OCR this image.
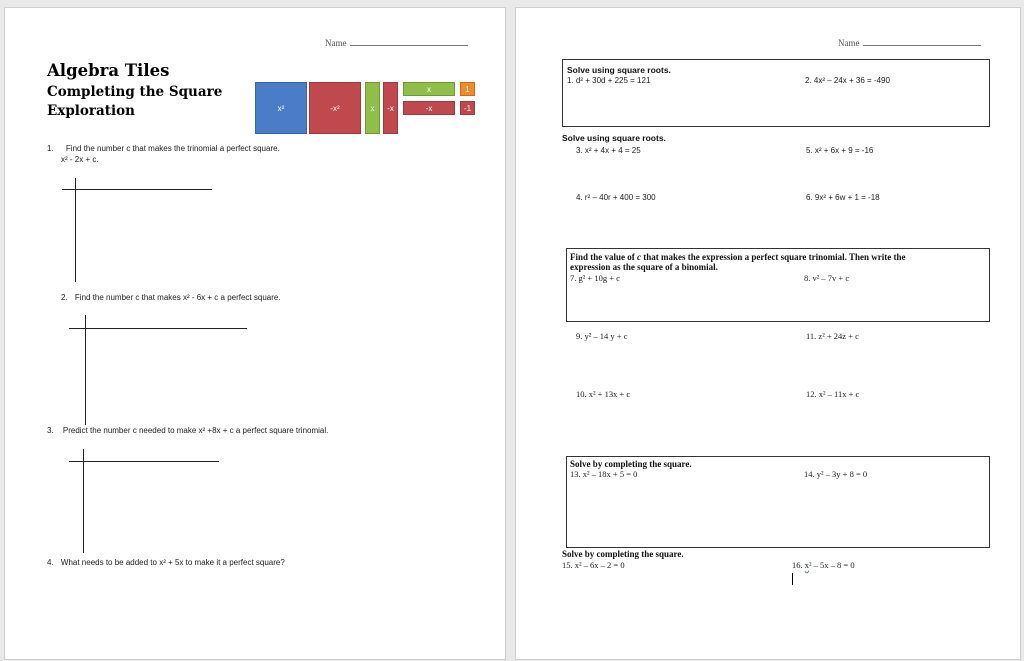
Name
Algebra Tiles
Completing the Square
Exploration	x²	-x²	x	-x
x
-x
1
-1
1. Find the number c that makes the trinomial a perfect square.
x² - 2x + c.
2. Find the number c that makes x² - 6x + c a perfect square.
3. Predict the number c needed to make x² +8x + c a perfect square trinomial.
4. What needs to be added to x² + 5x to make it a perfect square?
Name
Solve using square roots.
1. d² + 30d + 225 = 121	2. 4x² – 24x + 36 = -490
Solve using square roots.
3. x² + 4x + 4 = 25	5. x² + 6x + 9 = -16
4. r² – 40r + 400 = 300	6. 9x² + 6w + 1 = -18
Find the value of c that makes the expression a perfect square trinomial. Then write the
expression as the square of a binomial.
7. g² + 10g + c	8. v² – 7v + c
9. y² – 14 y + c	11. z² + 24z + c
10. x² + 13x + c	12. x² – 11x + c
Solve by completing the square.
13. x² – 18x + 5 = 0	14. y² – 3y + 8 = 0
Solve by completing the square.
15. x² – 6x – 2 = 0	16. x² – 5x – 8 = 0
